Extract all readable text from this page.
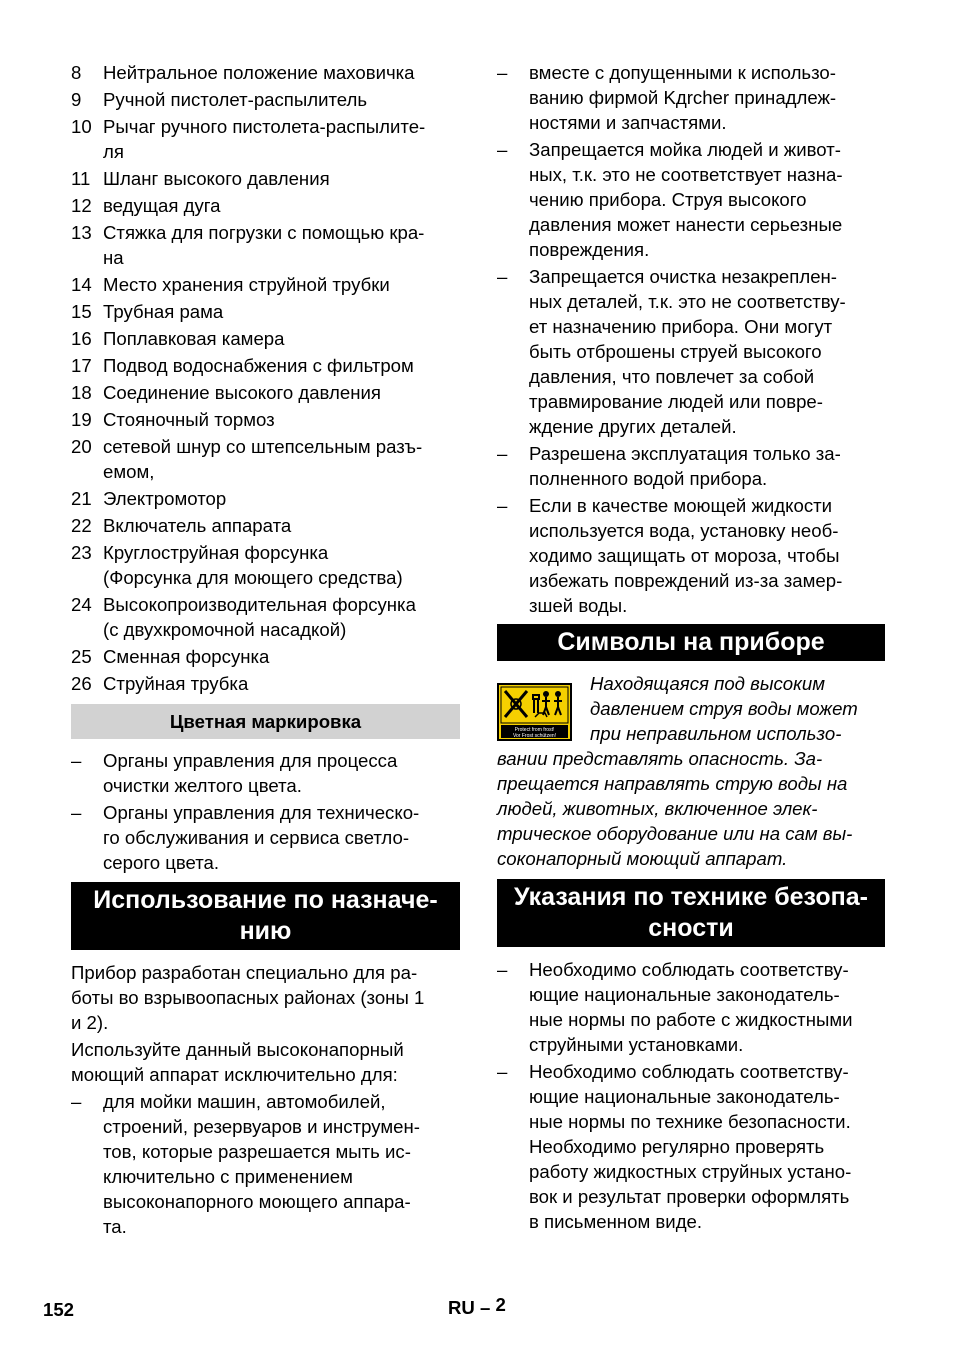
8	Нейтральное положение маховичка
9	Ручной пистолет-распылитель
10 Рычаг ручного пистолета-распылите-
ля
11 Шланг высокого давления
12 ведущая дуга
13 Стяжка для погрузки с помощью кра-
на
14 Место хранения струйной трубки
15 Трубная рама
16 Поплавковая камера
17 Подвод водоснабжения с фильтром
18 Соединение высокого давления
19 Стояночный тормоз
20 сетевой шнур со штепсельным разъ-
емом,
21 Электромотор
22 Включатель аппарата
23 Круглоструйная форсунка
(Форсунка для моющего средства)
24 Высокопроизводительная форсунка
(с двухкромочной насадкой)
25 Сменная форсунка
26 Струйная трубка
Цветная маркировка
–	Органы управления для процесса
очистки желтого цвета.
–	Органы управления для техническо-
го обслуживания и сервиса светло-
серого цвета.
Использование по назначе-
нию
Прибор разработан специально для ра-
боты во взрывоопасных районах (зоны 1
и 2).
Используйте данный высоконапорный
моющий аппарат исключительно для:
–	для мойки машин, автомобилей,
строений, резервуаров и инструмен-
тов, которые разрешается мыть ис-
ключительно с применением
высоконапорного моющего аппара-
та.
–	вместе с допущенными к использо-
ванию фирмой Kдrcher принадлеж-
ностями и запчастями.
–	Запрещается мойка людей и живот-
ных, т.к. это не соответствует назна-
чению прибора. Струя высокого
давления может нанести серьезные
повреждения.
–	Запрещается очистка незакреплен-
ных деталей, т.к. это не соответству-
ет назначению прибора. Они могут
быть отброшены струей высокого
давления, что повлечет за собой
травмирование людей или повре-
ждение других деталей.
–	Разрешена эксплуатация только за-
полненного водой прибора.
–	Если в качестве моющей жидкости
используется вода, установку необ-
ходимо защищать от мороза, чтобы
избежать повреждений из-за замер-
зшей воды.
Символы на приборе
Protect from frost!
Vor Frost schützen!
Находящаяся под высоким
давлением струя воды может
при неправильном использо-
вании представлять опасность. За-
прещается направлять струю воды на
людей, животных, включенное элек-
трическое оборудование или на сам вы-
соконапорный моющий аппарат.
Указания по технике безопа-
сности
–	Необходимо соблюдать соответству-
ющие национальные законодатель-
ные нормы по работе с жидкостными
струйными установками.
–	Необходимо соблюдать соответству-
ющие национальные законодатель-
ные нормы по технике безопасности.
Необходимо регулярно проверять
работу жидкостных струйных устано-
вок и результат проверки оформлять
в письменном виде.
152	RU – 2
